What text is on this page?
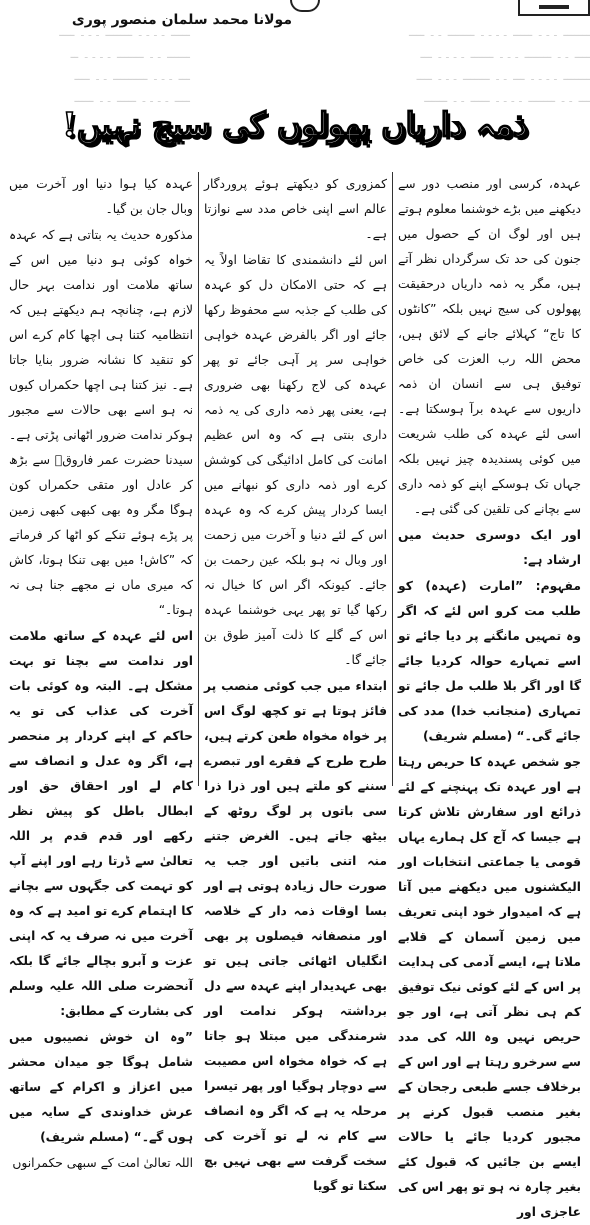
ـــــ ۔۔۔۔ ـــــــ ۔۔۔ ــــ
ــــــ ۔۔ ـــــــ ۔۔۔۔ ــ
ـــ ۔۔۔ ـــــــــ ۔۔ ــــ
ــــ ۔۔۔۔ ـــــ ۔۔ ـــــ
ـــــــ ۔۔۔ ـــــ ۔۔۔۔ ـــــــ ۔۔ ــــ
ــــ ۔۔ ـــــــ ۔۔۔ ــــــ ۔۔۔۔ ـــ
ـــــــ ۔۔۔۔ ـــ ۔۔ ـــــــ ۔۔۔ ــــ
ـــ ۔۔ ـــــــ ۔۔۔۔ ـــــ ۔۔ ــــــ
مولانا محمد سلمان منصور پوری
ذمہ داریاں پھولوں کی سیج نہیں!

عہدہ، کرسی اور منصب دور سے دیکھنے میں بڑے خوشنما معلوم ہوتے ہیں اور لوگ ان کے حصول میں جنون کی حد تک سرگرداں نظر آتے ہیں، مگر یہ ذمہ داریاں درحقیقت پھولوں کی سیج نہیں بلکہ ”کانٹوں کا تاج“ کہلائے جانے کے لائق ہیں، محض اللہ رب العزت کی خاص توفیق ہی سے انسان ان ذمہ داریوں سے عہدہ برآ ہوسکتا ہے۔ اسی لئے عہدہ کی طلب شریعت میں کوئی پسندیدہ چیز نہیں بلکہ جہاں تک ہوسکے اپنے کو ذمہ داری سے بچانے کی تلقین کی گئی ہے۔

اور ایک دوسری حدیث میں ارشاد ہے:

مفہوم: ”امارت (عہدہ) کو طلب مت کرو اس لئے کہ اگر وہ تمہیں مانگنے پر دیا جائے تو اسے تمہارے حوالہ کردیا جائے گا اور اگر بلا طلب مل جائے تو تمہاری (منجانب خدا) مدد کی جائے گی۔“ (مسلم شریف)

جو شخص عہدہ کا حریص رہتا ہے اور عہدہ تک پہنچنے کے لئے ذرائع اور سفارش تلاش کرتا ہے جیسا کہ آج کل ہمارے یہاں قومی یا جماعتی انتخابات اور الیکشنوں میں دیکھنے میں آتا ہے کہ امیدوار خود اپنی تعریف میں زمین آسمان کے قلابے ملاتا ہے، ایسے آدمی کی ہدایت پر اس کے لئے کوئی نیک توفیق کم ہی نظر آتی ہے، اور جو حریص نہیں وہ اللہ کی مدد سے سرخرو رہتا ہے اور اس کے برخلاف جسے طبعی رجحان کے بغیر منصب قبول کرنے پر مجبور کردیا جائے یا حالات ایسے بن جائیں کہ قبول کئے بغیر چارہ نہ ہو تو پھر اس کی عاجزی اور

کمزوری کو دیکھتے ہوئے پروردگار عالم اسے اپنی خاص مدد سے نوازتا ہے۔

اس لئے دانشمندی کا تقاضا اولاً یہ ہے کہ حتی الامکان دل کو عہدہ کی طلب کے جذبہ سے محفوظ رکھا جائے اور اگر بالفرض عہدہ خواہی خواہی سر پر آہی جائے تو پھر عہدہ کی لاج رکھنا بھی ضروری ہے، یعنی پھر ذمہ داری کی یہ ذمہ داری بنتی ہے کہ وہ اس عظیم امانت کی کامل ادائیگی کی کوشش کرے اور ذمہ داری کو نبھانے میں ایسا کردار پیش کرے کہ وہ عہدہ اس کے لئے دنیا و آخرت میں زحمت اور وبال نہ ہو بلکہ عین رحمت بن جائے۔ کیونکہ اگر اس کا خیال نہ رکھا گیا تو پھر یہی خوشنما عہدہ اس کے گلے کا ذلت آمیز طوق بن جائے گا۔

ابتداء میں جب کوئی منصب پر فائز ہوتا ہے تو کچھ لوگ اس پر خواہ مخواہ طعن کرتے ہیں، طرح طرح کے فقرے اور تبصرے سننے کو ملتے ہیں اور ذرا ذرا سی باتوں پر لوگ روٹھ کے بیٹھ جاتے ہیں۔ الغرض جتنے منہ اتنی باتیں اور جب یہ صورت حال زیادہ ہوتی ہے اور بسا اوقات ذمہ دار کے خلاصہ اور منصفانہ فیصلوں پر بھی انگلیاں اٹھائی جاتی ہیں تو بھی عہدیدار اپنے عہدہ سے دل برداشتہ ہوکر ندامت اور شرمندگی میں مبتلا ہو جاتا ہے کہ خواہ مخواہ اس مصیبت سے دوچار ہوگیا اور پھر تیسرا مرحلہ یہ ہے کہ اگر وہ انصاف سے کام نہ لے تو آخرت کی سخت گرفت سے بھی نہیں بچ سکتا تو گویا

عہدہ کیا ہوا دنیا اور آخرت میں وبال جان بن گیا۔

مذکورہ حدیث یہ بتاتی ہے کہ عہدہ خواہ کوئی ہو دنیا میں اس کے ساتھ ملامت اور ندامت بہر حال لازم ہے، چنانچہ ہم دیکھتے ہیں کہ انتظامیہ کتنا ہی اچھا کام کرے اس کو تنقید کا نشانہ ضرور بنایا جاتا ہے۔ نیز کتنا ہی اچھا حکمراں کیوں نہ ہو اسے بھی حالات سے مجبور ہوکر ندامت ضرور اٹھانی پڑتی ہے۔ سیدنا حضرت عمر فاروقؓ سے بڑھ کر عادل اور متقی حکمراں کون ہوگا مگر وہ بھی کبھی کبھی زمین پر پڑے ہوئے تنکے کو اٹھا کر فرماتے کہ ”کاش! میں بھی تنکا ہوتا، کاش کہ میری ماں نے مجھے جنا ہی نہ ہوتا۔“

اس لئے عہدہ کے ساتھ ملامت اور ندامت سے بچنا تو بہت مشکل ہے۔ البتہ وہ کوئی بات آخرت کی عذاب کی تو یہ حاکم کے اپنے کردار پر منحصر ہے، اگر وہ عدل و انصاف سے کام لے اور احقاق حق اور ابطال باطل کو پیش نظر رکھے اور قدم قدم پر اللہ تعالیٰ سے ڈرتا رہے اور اپنے آپ کو تہمت کی جگہوں سے بچانے کا اہتمام کرے تو امید ہے کہ وہ آخرت میں نہ صرف یہ کہ اپنی عزت و آبرو بچالے جائے گا بلکہ آنحضرت صلی اللہ علیہ وسلم کی بشارت کے مطابق:

”وہ ان خوش نصیبوں میں شامل ہوگا جو میدان محشر میں اعزاز و اکرام کے ساتھ عرش خداوندی کے سایہ میں ہوں گے۔“ (مسلم شریف)

اللہ تعالیٰ امت کے سبھی حکمرانوں
